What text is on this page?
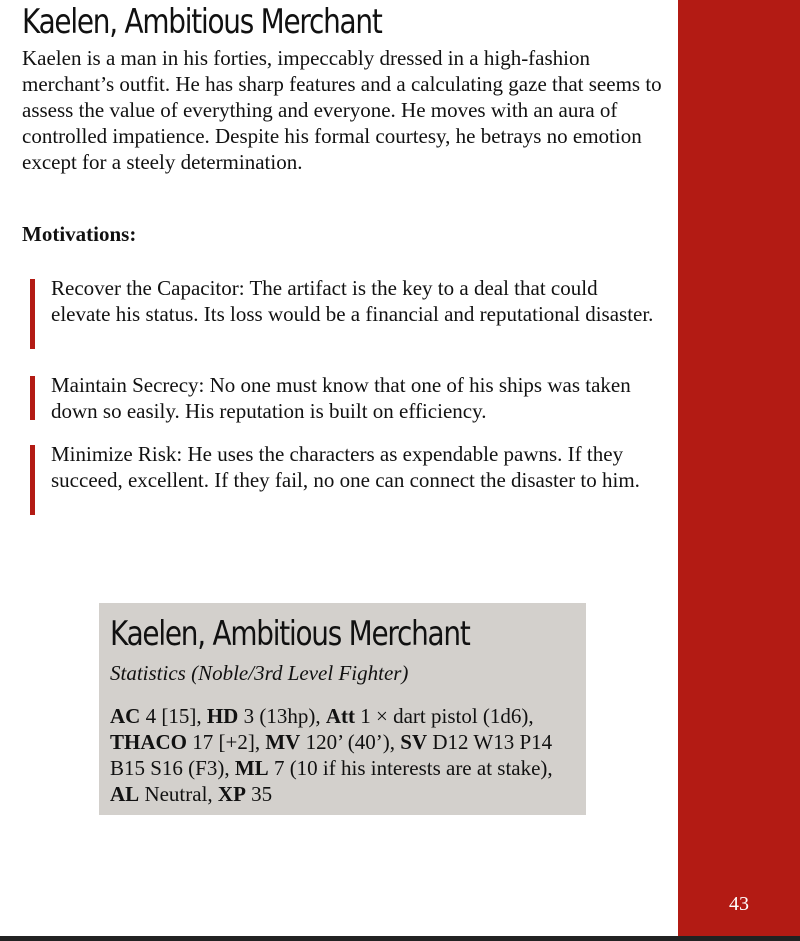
Kaelen, Ambitious Merchant

Kaelen is a man in his forties, impeccably dressed in a high-fashion merchant’s outfit. He has sharp features and a calculating gaze that seems to assess the value of everything and everyone. He moves with an aura of controlled impatience. Despite his formal courtesy, he betrays no emotion except for a steely determination.

Motivations:

Recover the Capacitor: The artifact is the key to a deal that could elevate his status. Its loss would be a financial and reputational disaster.

Maintain Secrecy: No one must know that one of his ships was taken down so easily. His reputation is built on efficiency.

Minimize Risk: He uses the characters as expendable pawns. If they succeed, excellent. If they fail, no one can connect the disaster to him.

Kaelen, Ambitious Merchant

Statistics (Noble/3rd Level Fighter)

AC 4 [15], HD 3 (13hp), Att 1 × dart pistol (1d6), THACO 17 [+2], MV 120’ (40’), SV D12 W13 P14 B15 S16 (F3), ML 7 (10 if his interests are at stake), AL Neutral, XP 35

43
